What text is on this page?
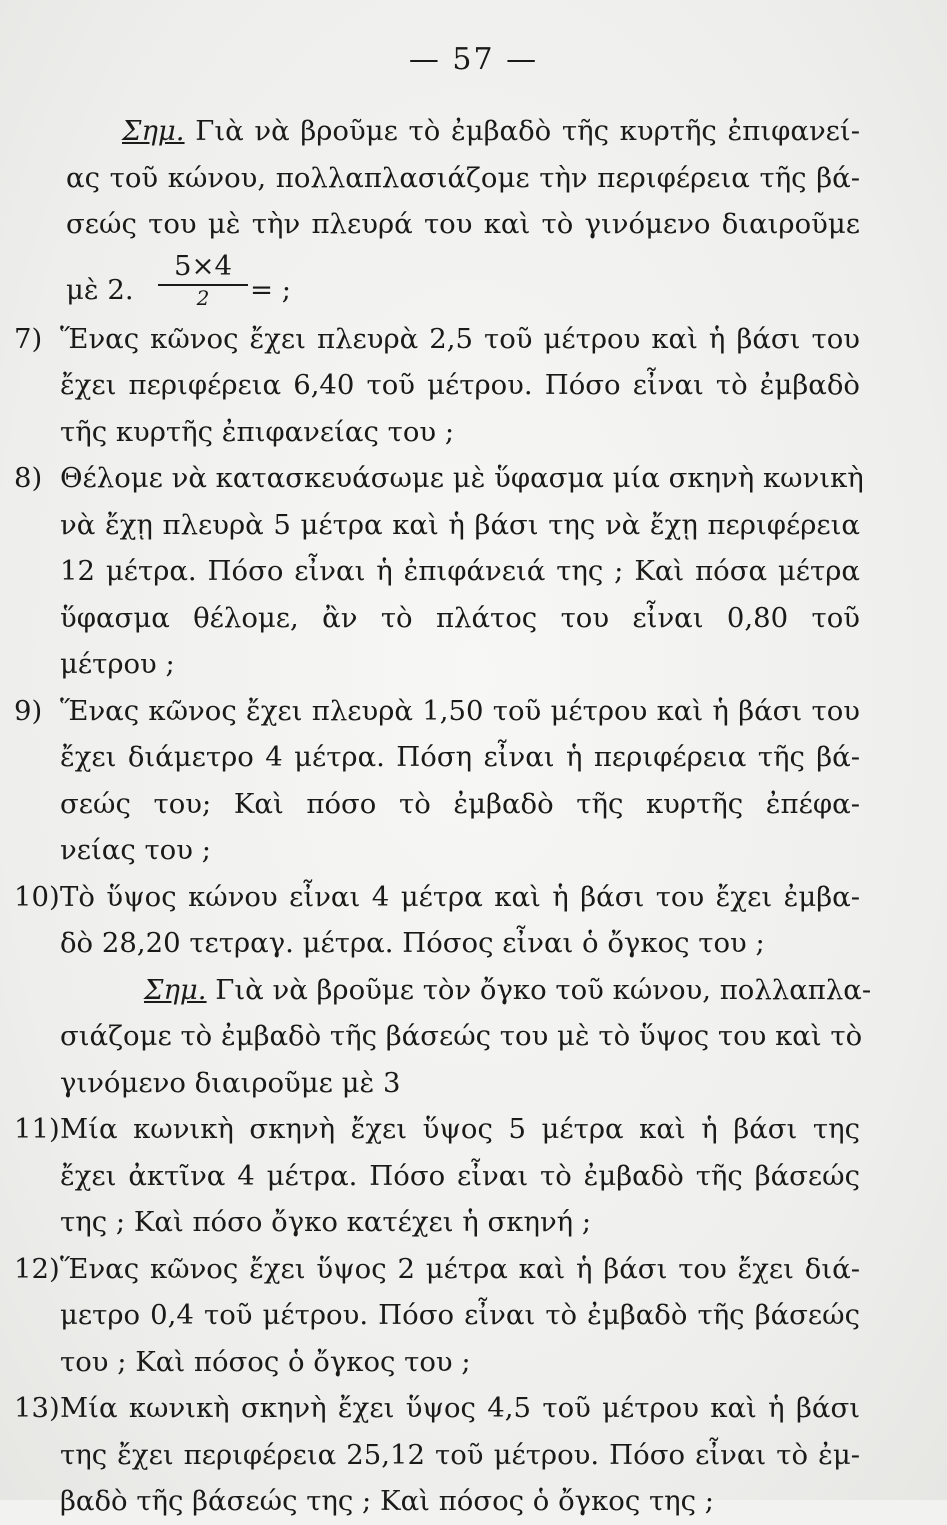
— 57 —
Σημ. Γιὰ νὰ βροῦμε τὸ ἐμβαδὸ τῆς κυρτῆς ἐπιφανεί-
ας τοῦ κώνου, πολλαπλασιάζομε τὴν περιφέρεια τῆς βά-
σεώς του μὲ τὴν πλευρά του καὶ τὸ γινόμενο διαιροῦμε
μὲ 2.
5×4
2	= ;
7) Ἕνας κῶνος ἔχει πλευρὰ 2,5 τοῦ μέτρου καὶ ἡ βάσι του
ἔχει περιφέρεια 6,40 τοῦ μέτρου. Πόσο εἶναι τὸ ἐμβαδὸ
τῆς κυρτῆς ἐπιφανείας του ;
8) Θέλομε νὰ κατασκευάσωμε μὲ ὕφασμα μία σκηνὴ κωνικὴ
νὰ ἔχῃ πλευρὰ 5 μέτρα καὶ ἡ βάσι της νὰ ἔχῃ περιφέρεια
12 μέτρα. Πόσο εἶναι ἡ ἐπιφάνειά της ; Καὶ πόσα μέτρα
ὕφασμα θέλομε, ἂν τὸ πλάτος του εἶναι 0,80 τοῦ
μέτρου ;
9) Ἕνας κῶνος ἔχει πλευρὰ 1,50 τοῦ μέτρου καὶ ἡ βάσι του
ἔχει διάμετρο 4 μέτρα. Πόση εἶναι ἡ περιφέρεια τῆς βά-
σεώς του; Καὶ πόσο τὸ ἐμβαδὸ τῆς κυρτῆς ἐπέφα-
νείας του ;
10) Τὸ ὕψος κώνου εἶναι 4 μέτρα καὶ ἡ βάσι του ἔχει ἐμβα-
δὸ 28,20 τετραγ. μέτρα. Πόσος εἶναι ὁ ὄγκος του ;
Σημ. Γιὰ νὰ βροῦμε τὸν ὄγκο τοῦ κώνου, πολλαπλα-
σιάζομε τὸ ἐμβαδὸ τῆς βάσεώς του μὲ τὸ ὕψος του καὶ τὸ
γινόμενο διαιροῦμε μὲ 3
11) Μία κωνικὴ σκηνὴ ἔχει ὕψος 5 μέτρα καὶ ἡ βάσι της
ἔχει ἀκτῖνα 4 μέτρα. Πόσο εἶναι τὸ ἐμβαδὸ τῆς βάσεώς
της ; Καὶ πόσο ὄγκο κατέχει ἡ σκηνή ;
12) Ἕνας κῶνος ἔχει ὕψος 2 μέτρα καὶ ἡ βάσι του ἔχει διά-
μετρο 0,4 τοῦ μέτρου. Πόσο εἶναι τὸ ἐμβαδὸ τῆς βάσεώς
του ; Καὶ πόσος ὁ ὄγκος του ;
13) Μία κωνικὴ σκηνὴ ἔχει ὕψος 4,5 τοῦ μέτρου καὶ ἡ βάσι
της ἔχει περιφέρεια 25,12 τοῦ μέτρου. Πόσο εἶναι τὸ ἐμ-
βαδὸ τῆς βάσεώς της ; Καὶ πόσος ὁ ὄγκος της ;
